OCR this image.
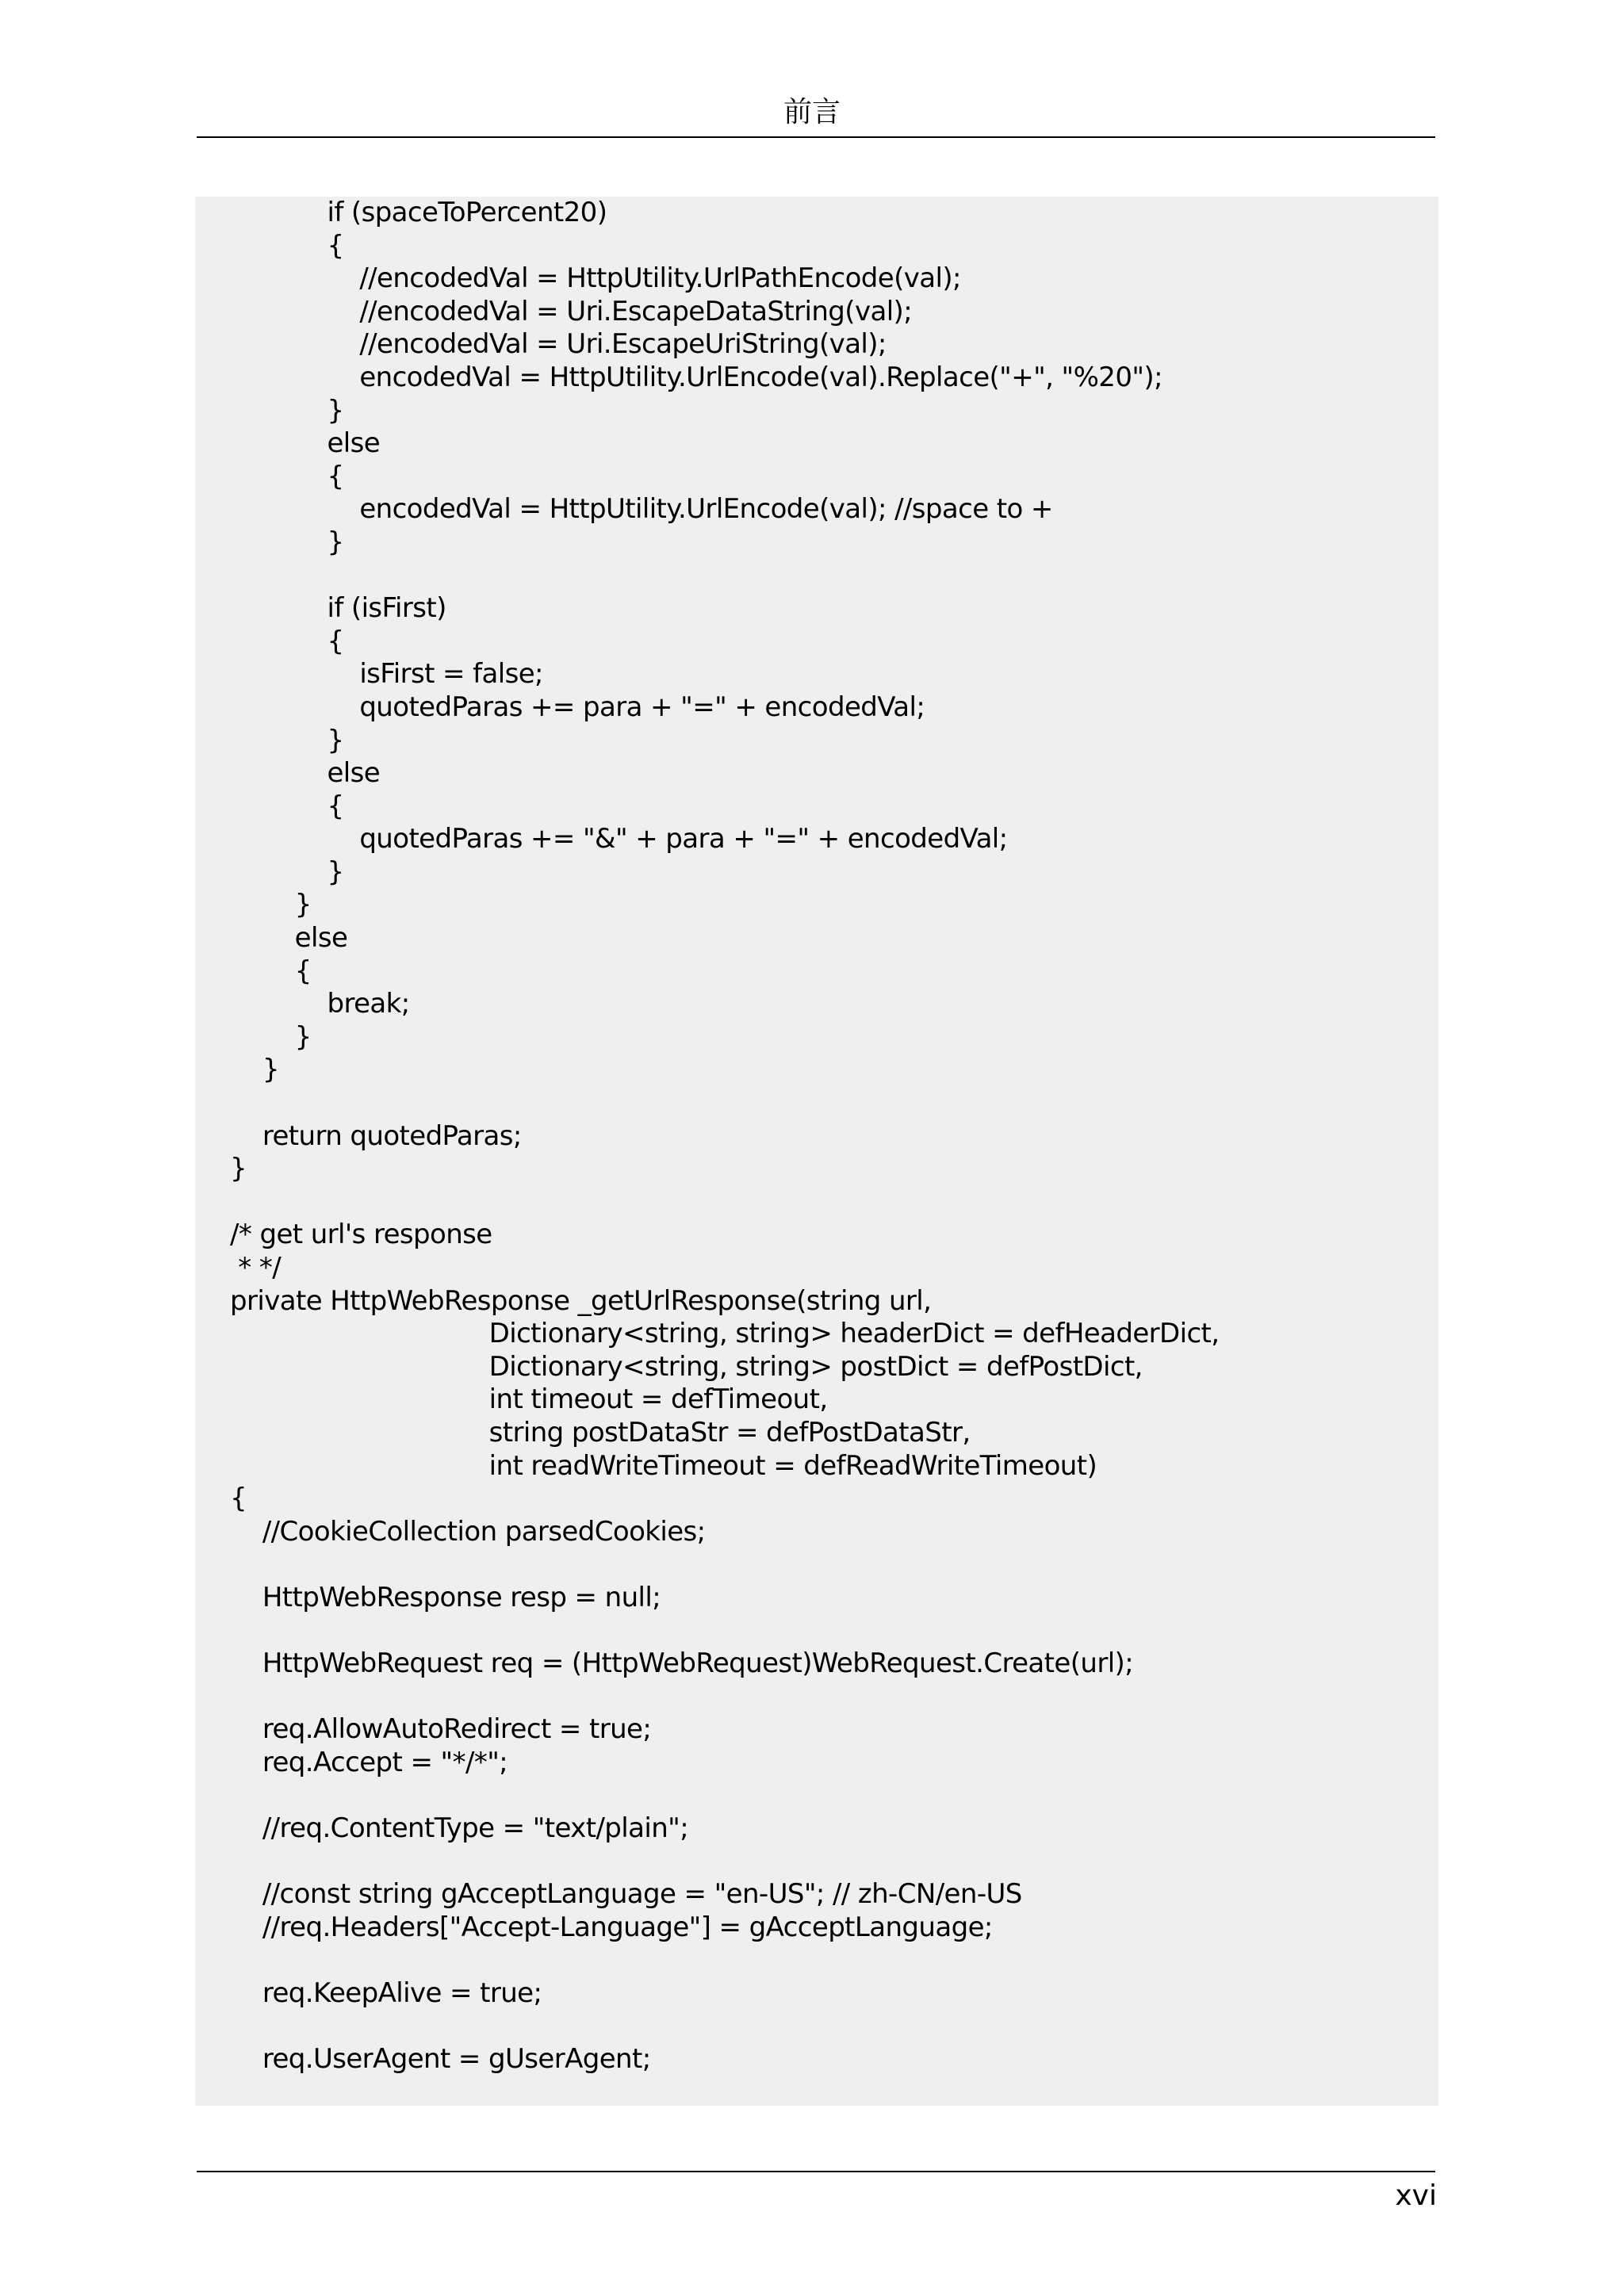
前言
if (spaceToPercent20)
{
//encodedVal = HttpUtility.UrlPathEncode(val);
//encodedVal = Uri.EscapeDataString(val);
//encodedVal = Uri.EscapeUriString(val);
encodedVal = HttpUtility.UrlEncode(val).Replace("+", "%20");
}
else
{
encodedVal = HttpUtility.UrlEncode(val); //space to +
}
if (isFirst)
{
isFirst = false;
quotedParas += para + "=" + encodedVal;
}
else
{
quotedParas += "&" + para + "=" + encodedVal;
}
}
else
{
break;
}
}
return quotedParas;
}
/* get url's response
* */
private HttpWebResponse _getUrlResponse(string url,
Dictionary<string, string> headerDict = defHeaderDict,
Dictionary<string, string> postDict = defPostDict,
int timeout = defTimeout,
string postDataStr = defPostDataStr,
int readWriteTimeout = defReadWriteTimeout)
{
//CookieCollection parsedCookies;
HttpWebResponse resp = null;
HttpWebRequest req = (HttpWebRequest)WebRequest.Create(url);
req.AllowAutoRedirect = true;
req.Accept = "*/*";
//req.ContentType = "text/plain";
//const string gAcceptLanguage = "en-US"; // zh-CN/en-US
//req.Headers["Accept-Language"] = gAcceptLanguage;
req.KeepAlive = true;
req.UserAgent = gUserAgent;
xvi
